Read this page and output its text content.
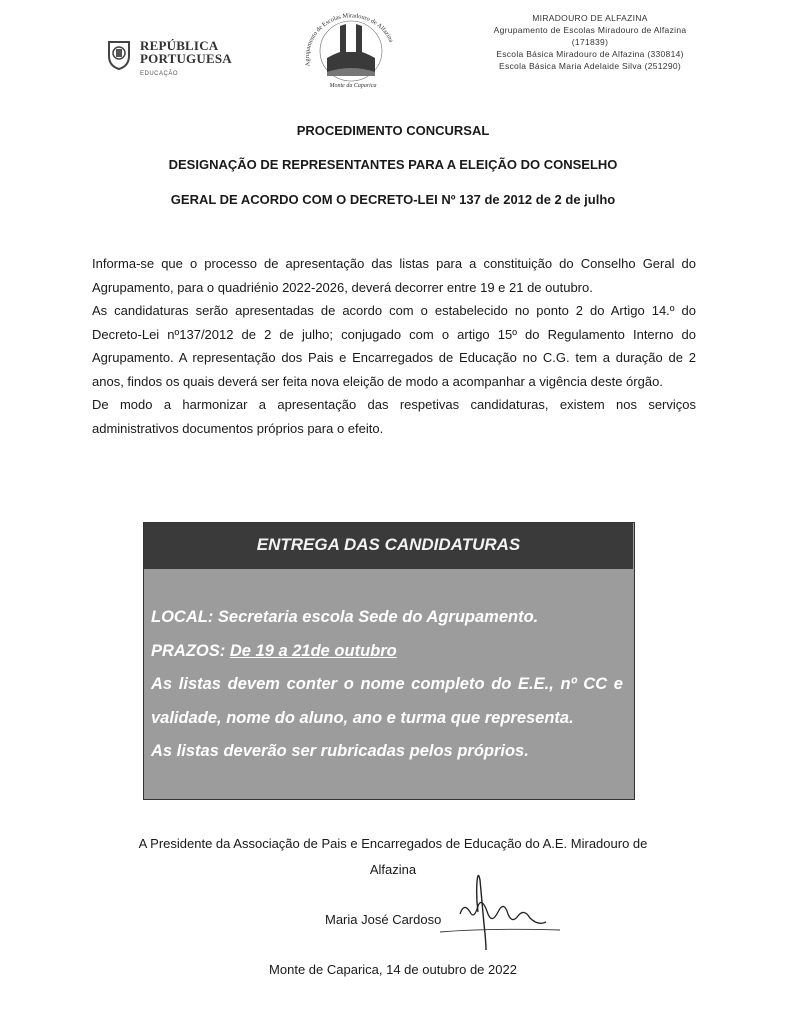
REPÚBLICA
PORTUGUESA
EDUCAÇÃO
Agrupamento de Escolas Miradouro de Alfazina
Monte da Caparica
MIRADOURO DE ALFAZINA
Agrupamento de Escolas Miradouro de Alfazina
(171839)
Escola Básica Miradouro de Alfazina (330814)
Escola Básica Maria Adelaide Silva (251290)
PROCEDIMENTO CONCURSAL
DESIGNAÇÃO DE REPRESENTANTES PARA A ELEIÇÃO DO CONSELHO
GERAL DE ACORDO COM O DECRETO-LEI Nº 137 de 2012 de 2 de julho

Informa-se que o processo de apresentação das listas para a constituição do Conselho Geral do Agrupamento, para o quadriénio 2022-2026, deverá decorrer entre 19 e 21 de outubro.

As candidaturas serão apresentadas de acordo com o estabelecido no ponto 2 do Artigo 14.º do Decreto-Lei nº137/2012 de 2 de julho; conjugado com o artigo 15º do Regulamento Interno do Agrupamento. A representação dos Pais e Encarregados de Educação no C.G. tem a duração de 2 anos, findos os quais deverá ser feita nova eleição de modo a acompanhar a vigência deste órgão.

De modo a harmonizar a apresentação das respetivas candidaturas, existem nos serviços administrativos documentos próprios para o efeito.

ENTREGA DAS CANDIDATURAS
LOCAL: Secretaria escola Sede do Agrupamento.
PRAZOS: De 19 a 21de outubro
As listas devem conter o nome completo do E.E., nº CC e validade, nome do aluno, ano e turma que representa.
As listas deverão ser rubricadas pelos próprios.
A Presidente da Associação de Pais e Encarregados de Educação do A.E. Miradouro de
Alfazina
Maria José Cardoso
Monte de Caparica, 14 de outubro de 2022
